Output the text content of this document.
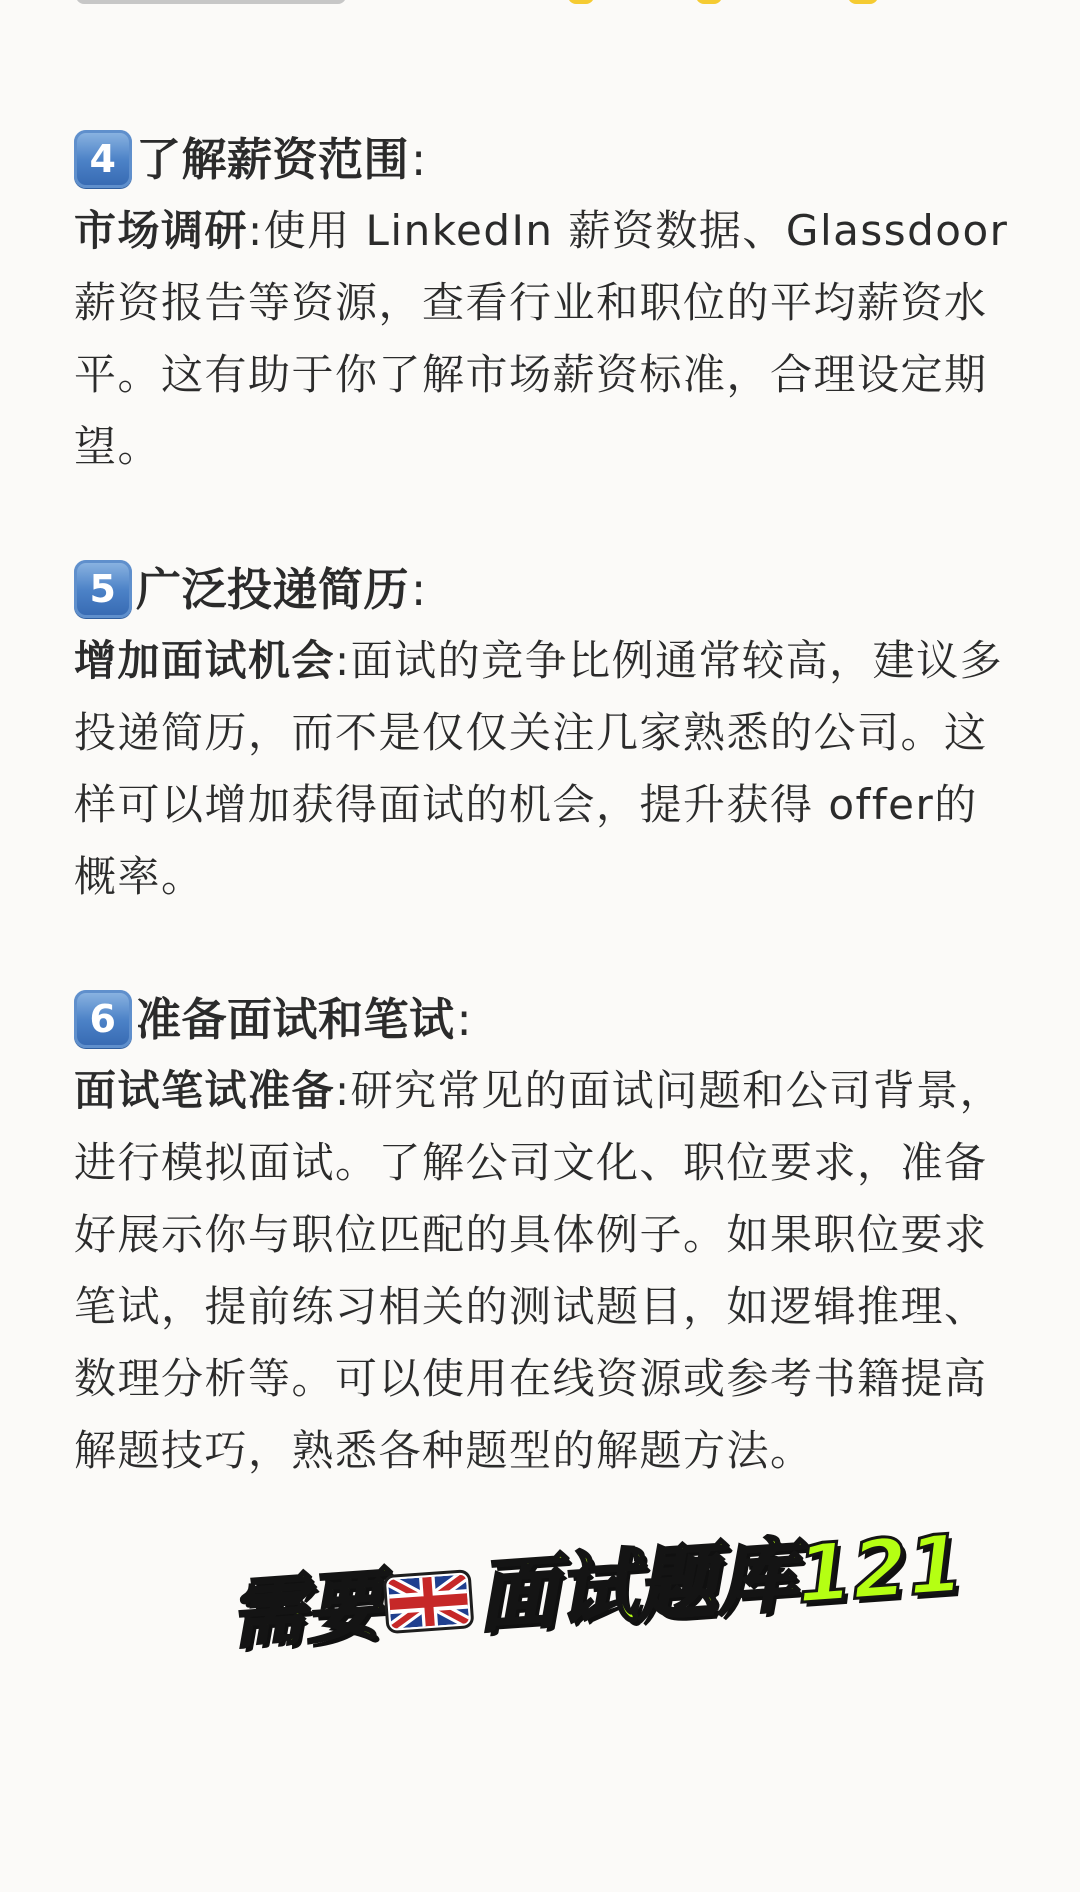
4 了解薪资范围 :

市场调研:使用 LinkedIn 薪资数据、Glassdoor薪资报告等资源，查看行业和职位的平均薪资水平。这有助于你了解市场薪资标准，合理设定期望。

5 广泛投递简历 :

增加面试机会:面试的竞争比例通常较高，建议多投递简历，而不是仅仅关注几家熟悉的公司。这样可以增加获得面试的机会，提升获得 offer的概率。

6 准备面试和笔试 :

面试笔试准备:研究常见的面试问题和公司背景，进行模拟面试。了解公司文化、职位要求，准备好展示你与职位匹配的具体例子。如果职位要求笔试，提前练习相关的测试题目，如逻辑推理、数理分析等。可以使用在线资源或参考书籍提高解题技巧，熟悉各种题型的解题方法。

需要 面试题库121
